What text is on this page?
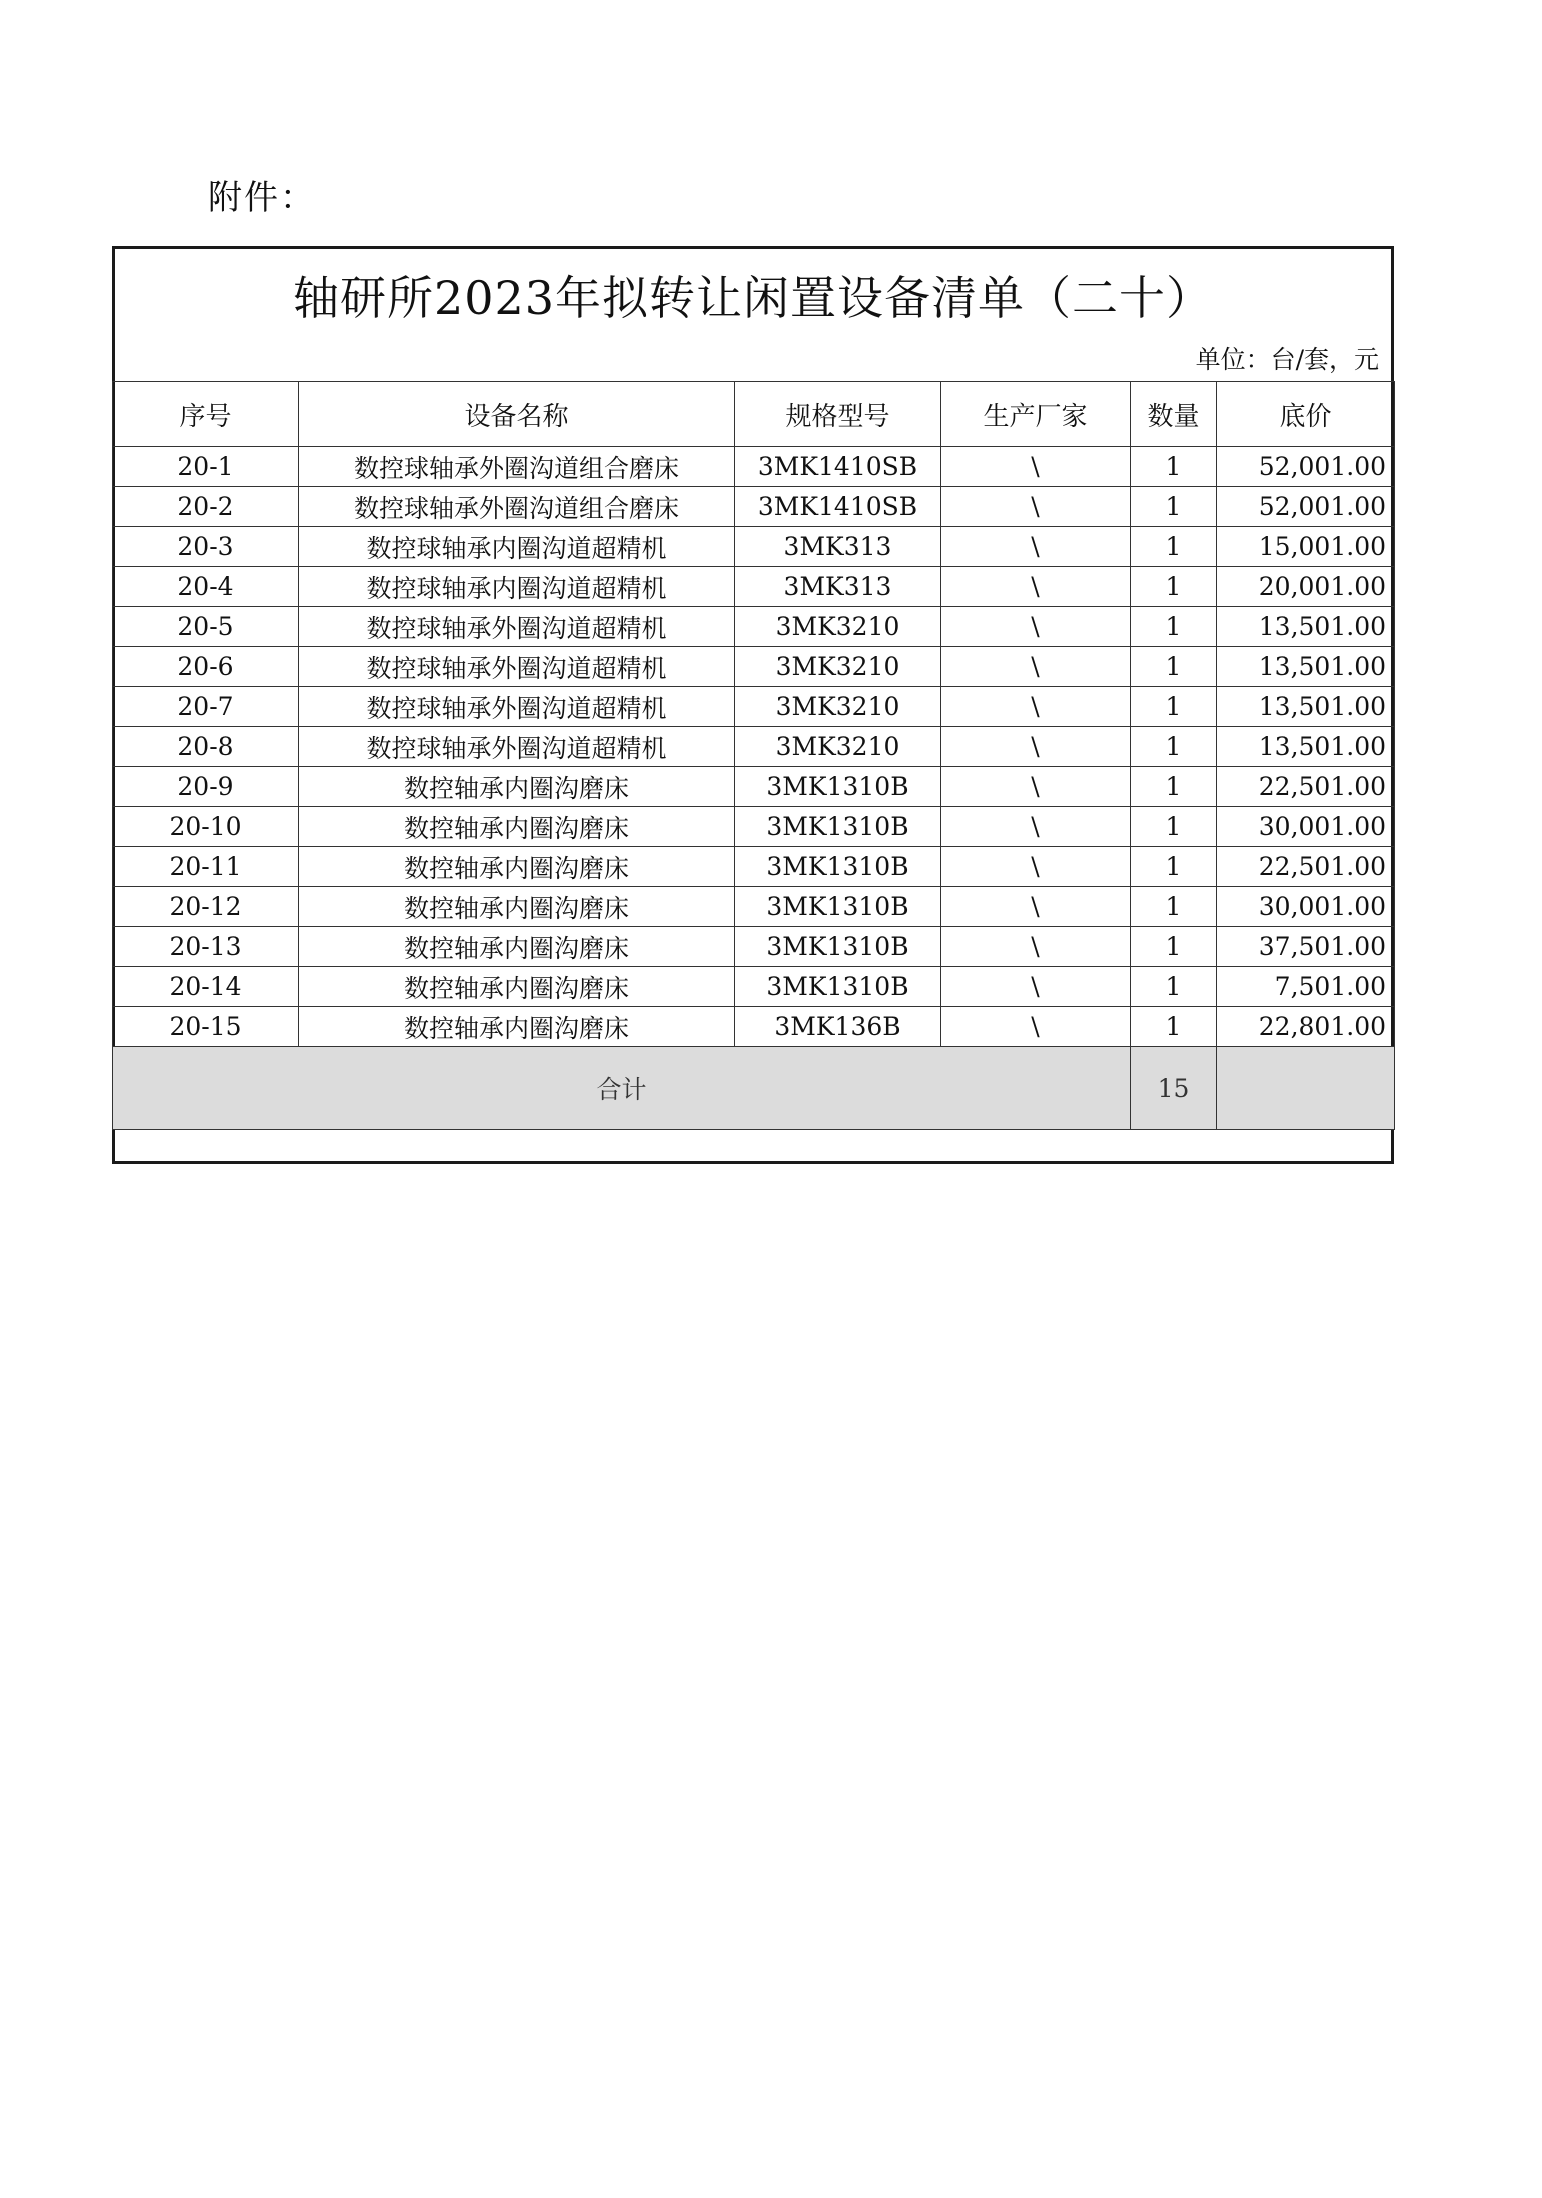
附件：
轴研所2023年拟转让闲置设备清单（二十）
单位：台/套，元
序号	设备名称	规格型号	生产厂家	数量	底价
20-1	数控球轴承外圈沟道组合磨床	3MK1410SB	\	1	52,001.00
20-2	数控球轴承外圈沟道组合磨床	3MK1410SB	\	1	52,001.00
20-3	数控球轴承内圈沟道超精机	3MK313	\	1	15,001.00
20-4	数控球轴承内圈沟道超精机	3MK313	\	1	20,001.00
20-5	数控球轴承外圈沟道超精机	3MK3210	\	1	13,501.00
20-6	数控球轴承外圈沟道超精机	3MK3210	\	1	13,501.00
20-7	数控球轴承外圈沟道超精机	3MK3210	\	1	13,501.00
20-8	数控球轴承外圈沟道超精机	3MK3210	\	1	13,501.00
20-9	数控轴承内圈沟磨床	3MK1310B	\	1	22,501.00
20-10	数控轴承内圈沟磨床	3MK1310B	\	1	30,001.00
20-11	数控轴承内圈沟磨床	3MK1310B	\	1	22,501.00
20-12	数控轴承内圈沟磨床	3MK1310B	\	1	30,001.00
20-13	数控轴承内圈沟磨床	3MK1310B	\	1	37,501.00
20-14	数控轴承内圈沟磨床	3MK1310B	\	1	7,501.00
20-15	数控轴承内圈沟磨床	3MK136B	\	1	22,801.00
合计				15	
